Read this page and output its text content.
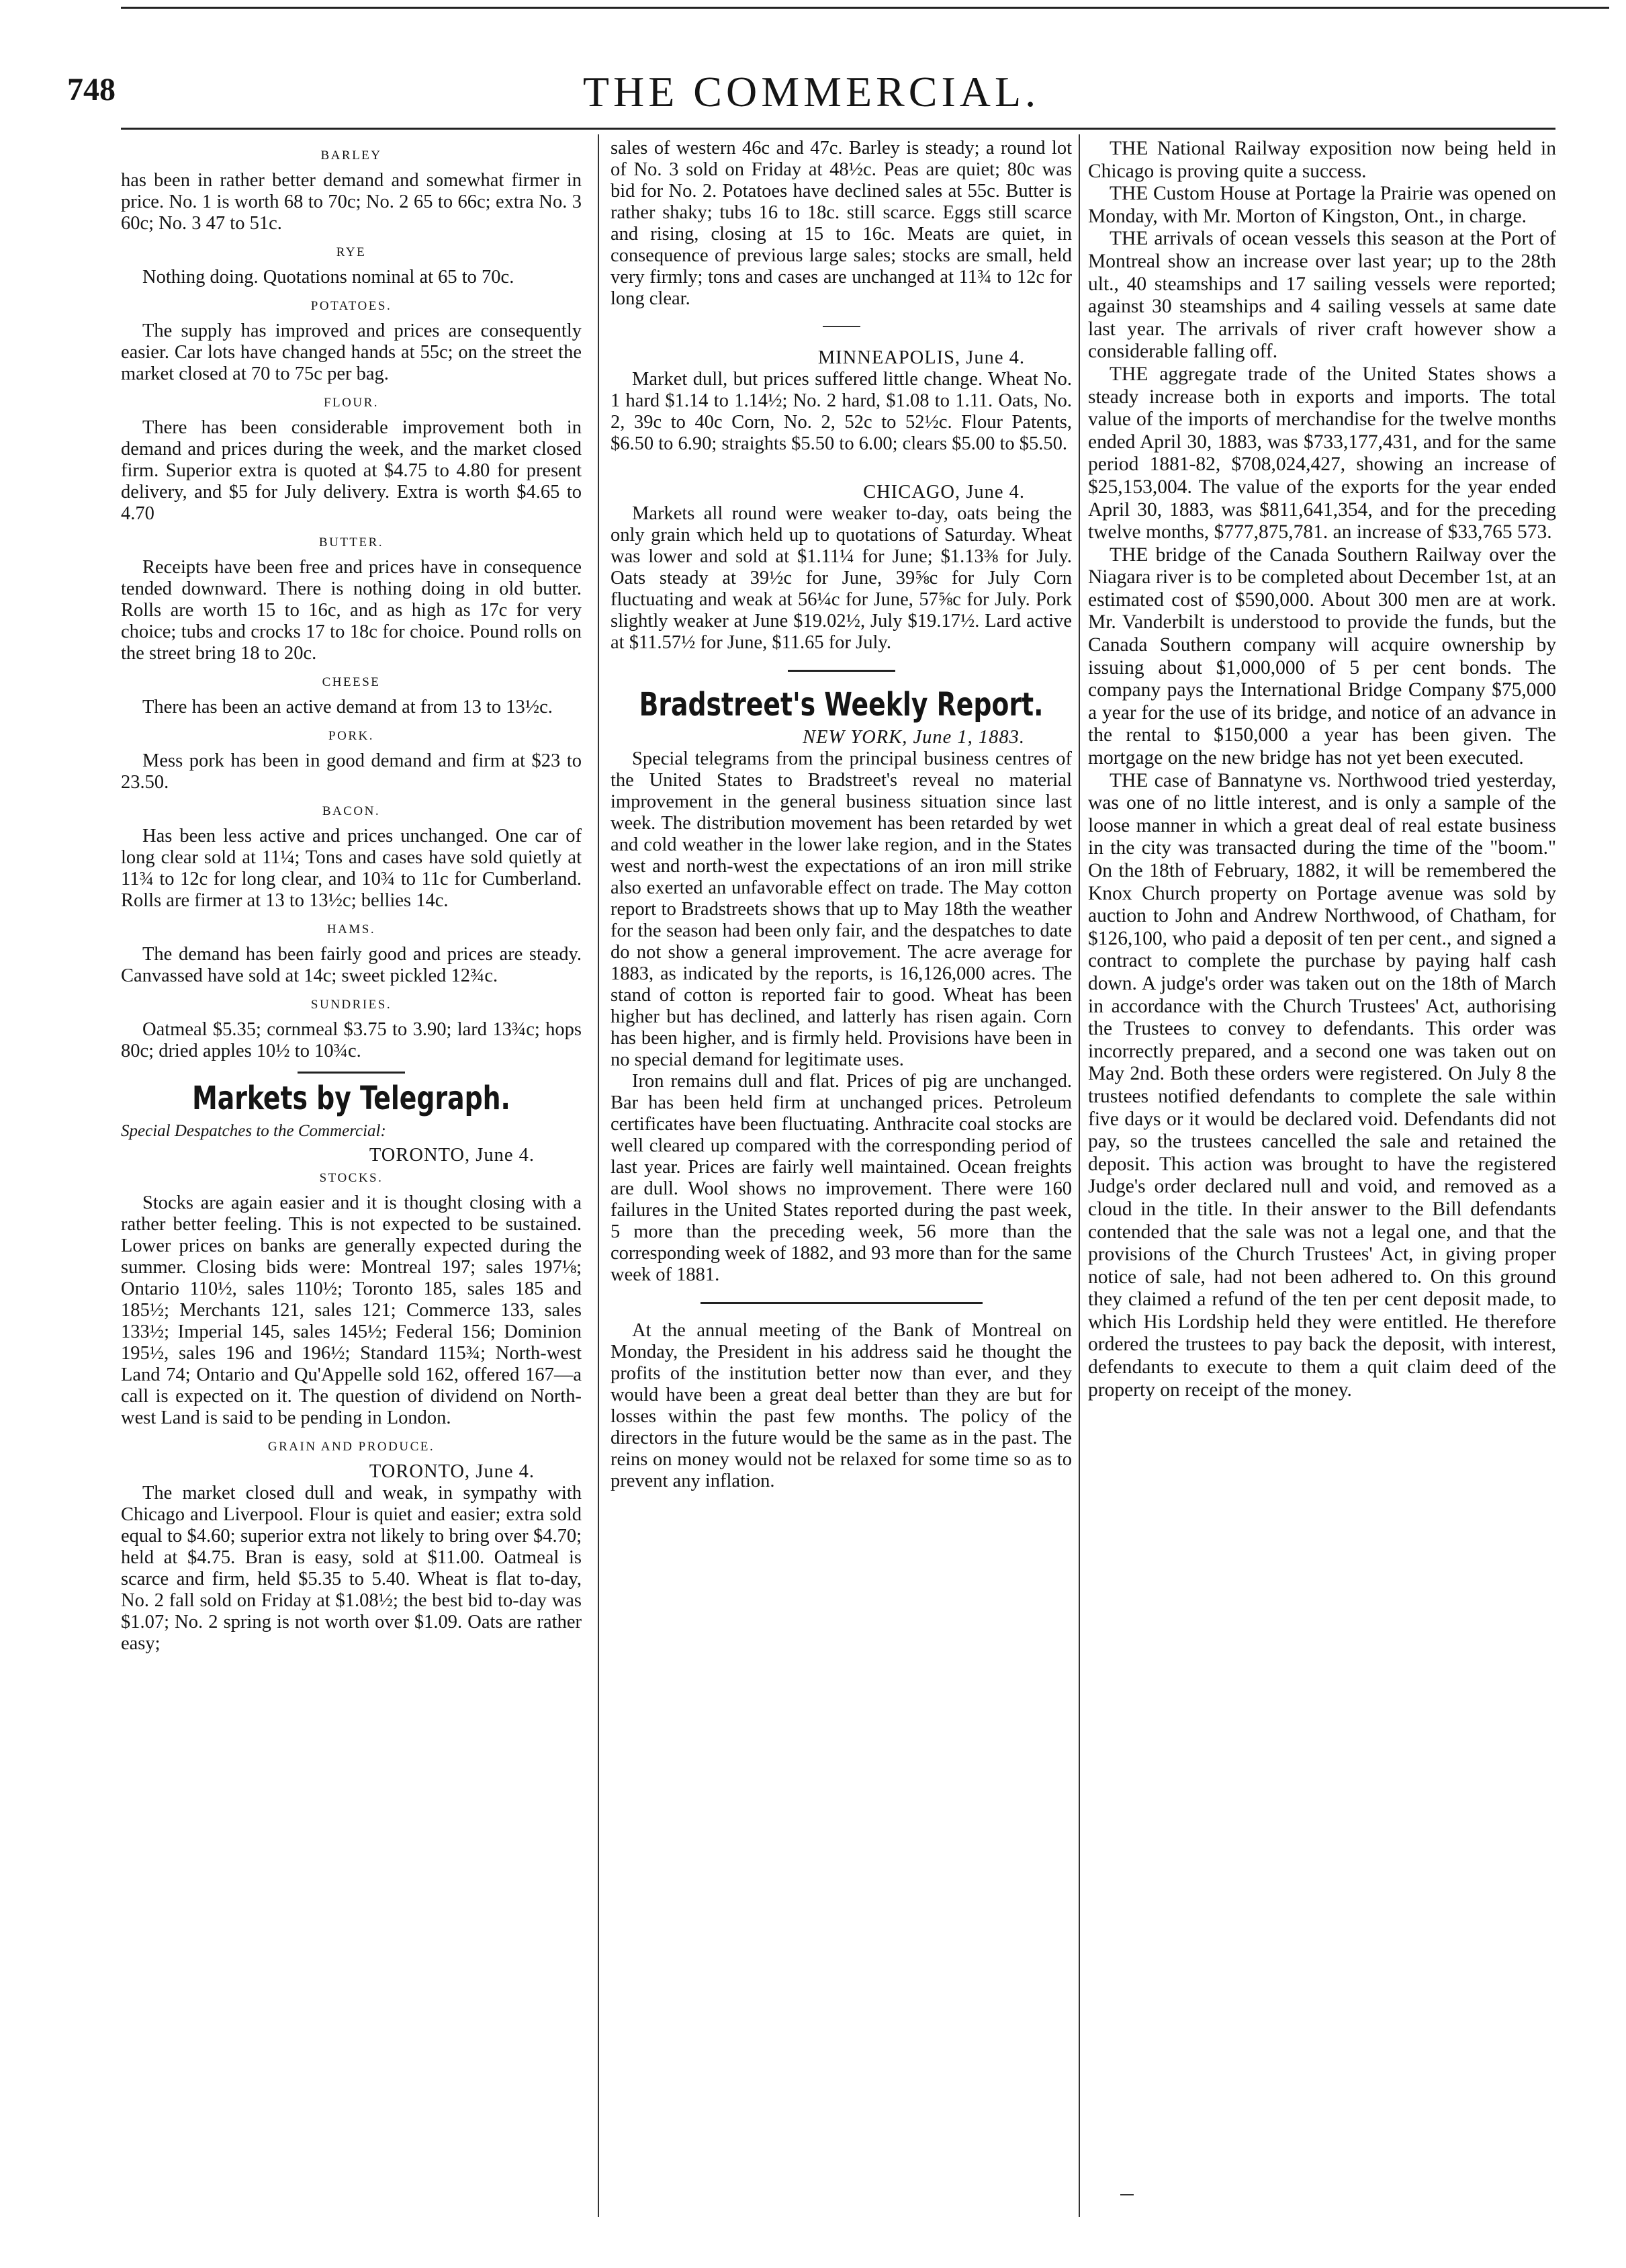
748	THE COMMERCIAL.
BARLEY

has been in rather better demand and somewhat firmer in price. No. 1 is worth 68 to 70c; No. 2 65 to 66c; extra No. 3 60c; No. 3 47 to 51c.

RYE

Nothing doing. Quotations nominal at 65 to 70c.

POTATOES.

The supply has improved and prices are consequently easier. Car lots have changed hands at 55c; on the street the market closed at 70 to 75c per bag.

FLOUR.

There has been considerable improvement both in demand and prices during the week, and the market closed firm. Superior extra is quoted at $4.75 to 4.80 for present delivery, and $5 for July delivery. Extra is worth $4.65 to 4.70

BUTTER.

Receipts have been free and prices have in consequence tended downward. There is nothing doing in old butter. Rolls are worth 15 to 16c, and as high as 17c for very choice; tubs and crocks 17 to 18c for choice. Pound rolls on the street bring 18 to 20c.

CHEESE

There has been an active demand at from 13 to 13½c.

PORK.

Mess pork has been in good demand and firm at $23 to 23.50.

BACON.

Has been less active and prices unchanged. One car of long clear sold at 11¼; Tons and cases have sold quietly at 11¾ to 12c for long clear, and 10¾ to 11c for Cumberland. Rolls are firmer at 13 to 13½c; bellies 14c.

HAMS.

The demand has been fairly good and prices are steady. Canvassed have sold at 14c; sweet pickled 12¾c.

SUNDRIES.

Oatmeal $5.35; cornmeal $3.75 to 3.90; lard 13¾c; hops 80c; dried apples 10½ to 10¾c.

Markets by Telegraph.
Special Despatches to the Commercial:
TORONTO, June 4.
STOCKS.

Stocks are again easier and it is thought closing with a rather better feeling. This is not expected to be sustained. Lower prices on banks are generally expected during the summer. Closing bids were: Montreal 197; sales 197⅛; Ontario 110½, sales 110½; Toronto 185, sales 185 and 185½; Merchants 121, sales 121; Commerce 133, sales 133½; Imperial 145, sales 145½; Federal 156; Dominion 195½, sales 196 and 196½; Standard 115¾; North-west Land 74; Ontario and Qu'Appelle sold 162, offered 167—a call is expected on it. The question of dividend on North-west Land is said to be pending in London.

GRAIN AND PRODUCE.
TORONTO, June 4.

The market closed dull and weak, in sympathy with Chicago and Liverpool. Flour is quiet and easier; extra sold equal to $4.60; superior extra not likely to bring over $4.70; held at $4.75. Bran is easy, sold at $11.00. Oatmeal is scarce and firm, held $5.35 to 5.40. Wheat is flat to-day, No. 2 fall sold on Friday at $1.08½; the best bid to-day was $1.07; No. 2 spring is not worth over $1.09. Oats are rather easy;

sales of western 46c and 47c. Barley is steady; a round lot of No. 3 sold on Friday at 48½c. Peas are quiet; 80c was bid for No. 2. Potatoes have declined sales at 55c. Butter is rather shaky; tubs 16 to 18c. still scarce. Eggs still scarce and rising, closing at 15 to 16c. Meats are quiet, in consequence of previous large sales; stocks are small, held very firmly; tons and cases are unchanged at 11¾ to 12c for long clear.

MINNEAPOLIS, June 4.

Market dull, but prices suffered little change. Wheat No. 1 hard $1.14 to 1.14½; No. 2 hard, $1.08 to 1.11. Oats, No. 2, 39c to 40c Corn, No. 2, 52c to 52½c. Flour Patents, $6.50 to 6.90; straights $5.50 to 6.00; clears $5.00 to $5.50.

CHICAGO, June 4.

Markets all round were weaker to-day, oats being the only grain which held up to quotations of Saturday. Wheat was lower and sold at $1.11¼ for June; $1.13⅜ for July. Oats steady at 39½c for June, 39⅝c for July Corn fluctuating and weak at 56¼c for June, 57⅝c for July. Pork slightly weaker at June $19.02½, July $19.17½. Lard active at $11.57½ for June, $11.65 for July.

Bradstreet's Weekly Report.
NEW YORK, June 1, 1883.

Special telegrams from the principal business centres of the United States to Bradstreet's reveal no material improvement in the general business situation since last week. The distribution movement has been retarded by wet and cold weather in the lower lake region, and in the States west and north-west the expectations of an iron mill strike also exerted an unfavorable effect on trade. The May cotton report to Bradstreets shows that up to May 18th the weather for the season had been only fair, and the despatches to date do not show a general improvement. The acre average for 1883, as indicated by the reports, is 16,126,000 acres. The stand of cotton is reported fair to good. Wheat has been higher but has declined, and latterly has risen again. Corn has been higher, and is firmly held. Provisions have been in no special demand for legitimate uses.

Iron remains dull and flat. Prices of pig are unchanged. Bar has been held firm at unchanged prices. Petroleum certificates have been fluctuating. Anthracite coal stocks are well cleared up compared with the corresponding period of last year. Prices are fairly well maintained. Ocean freights are dull. Wool shows no improvement. There were 160 failures in the United States reported during the past week, 5 more than the preceding week, 56 more than the corresponding week of 1882, and 93 more than for the same week of 1881.

At the annual meeting of the Bank of Montreal on Monday, the President in his address said he thought the profits of the institution better now than ever, and they would have been a great deal better than they are but for losses within the past few months. The policy of the directors in the future would be the same as in the past. The reins on money would not be relaxed for some time so as to prevent any inflation.

THE National Railway exposition now being held in Chicago is proving quite a success.

THE Custom House at Portage la Prairie was opened on Monday, with Mr. Morton of Kingston, Ont., in charge.

THE arrivals of ocean vessels this season at the Port of Montreal show an increase over last year; up to the 28th ult., 40 steamships and 17 sailing vessels were reported; against 30 steamships and 4 sailing vessels at same date last year. The arrivals of river craft however show a considerable falling off.

THE aggregate trade of the United States shows a steady increase both in exports and imports. The total value of the imports of merchandise for the twelve months ended April 30, 1883, was $733,177,431, and for the same period 1881-82, $708,024,427, showing an increase of $25,153,004. The value of the exports for the year ended April 30, 1883, was $811,641,354, and for the preceding twelve months, $777,875,781. an increase of $33,765 573.

THE bridge of the Canada Southern Railway over the Niagara river is to be completed about December 1st, at an estimated cost of $590,000. About 300 men are at work. Mr. Vanderbilt is understood to provide the funds, but the Canada Southern company will acquire ownership by issuing about $1,000,000 of 5 per cent bonds. The company pays the International Bridge Company $75,000 a year for the use of its bridge, and notice of an advance in the rental to $150,000 a year has been given. The mortgage on the new bridge has not yet been executed.

THE case of Bannatyne vs. Northwood tried yesterday, was one of no little interest, and is only a sample of the loose manner in which a great deal of real estate business in the city was transacted during the time of the "boom." On the 18th of February, 1882, it will be remembered the Knox Church property on Portage avenue was sold by auction to John and Andrew Northwood, of Chatham, for $126,100, who paid a deposit of ten per cent., and signed a contract to complete the purchase by paying half cash down. A judge's order was taken out on the 18th of March in accordance with the Church Trustees' Act, authorising the Trustees to convey to defendants. This order was incorrectly prepared, and a second one was taken out on May 2nd. Both these orders were registered. On July 8 the trustees notified defendants to complete the sale within five days or it would be declared void. Defendants did not pay, so the trustees cancelled the sale and retained the deposit. This action was brought to have the registered Judge's order declared null and void, and removed as a cloud in the title. In their answer to the Bill defendants contended that the sale was not a legal one, and that the provisions of the Church Trustees' Act, in giving proper notice of sale, had not been adhered to. On this ground they claimed a refund of the ten per cent deposit made, to which His Lordship held they were entitled. He therefore ordered the trustees to pay back the deposit, with interest, defendants to execute to them a quit claim deed of the property on receipt of the money.
